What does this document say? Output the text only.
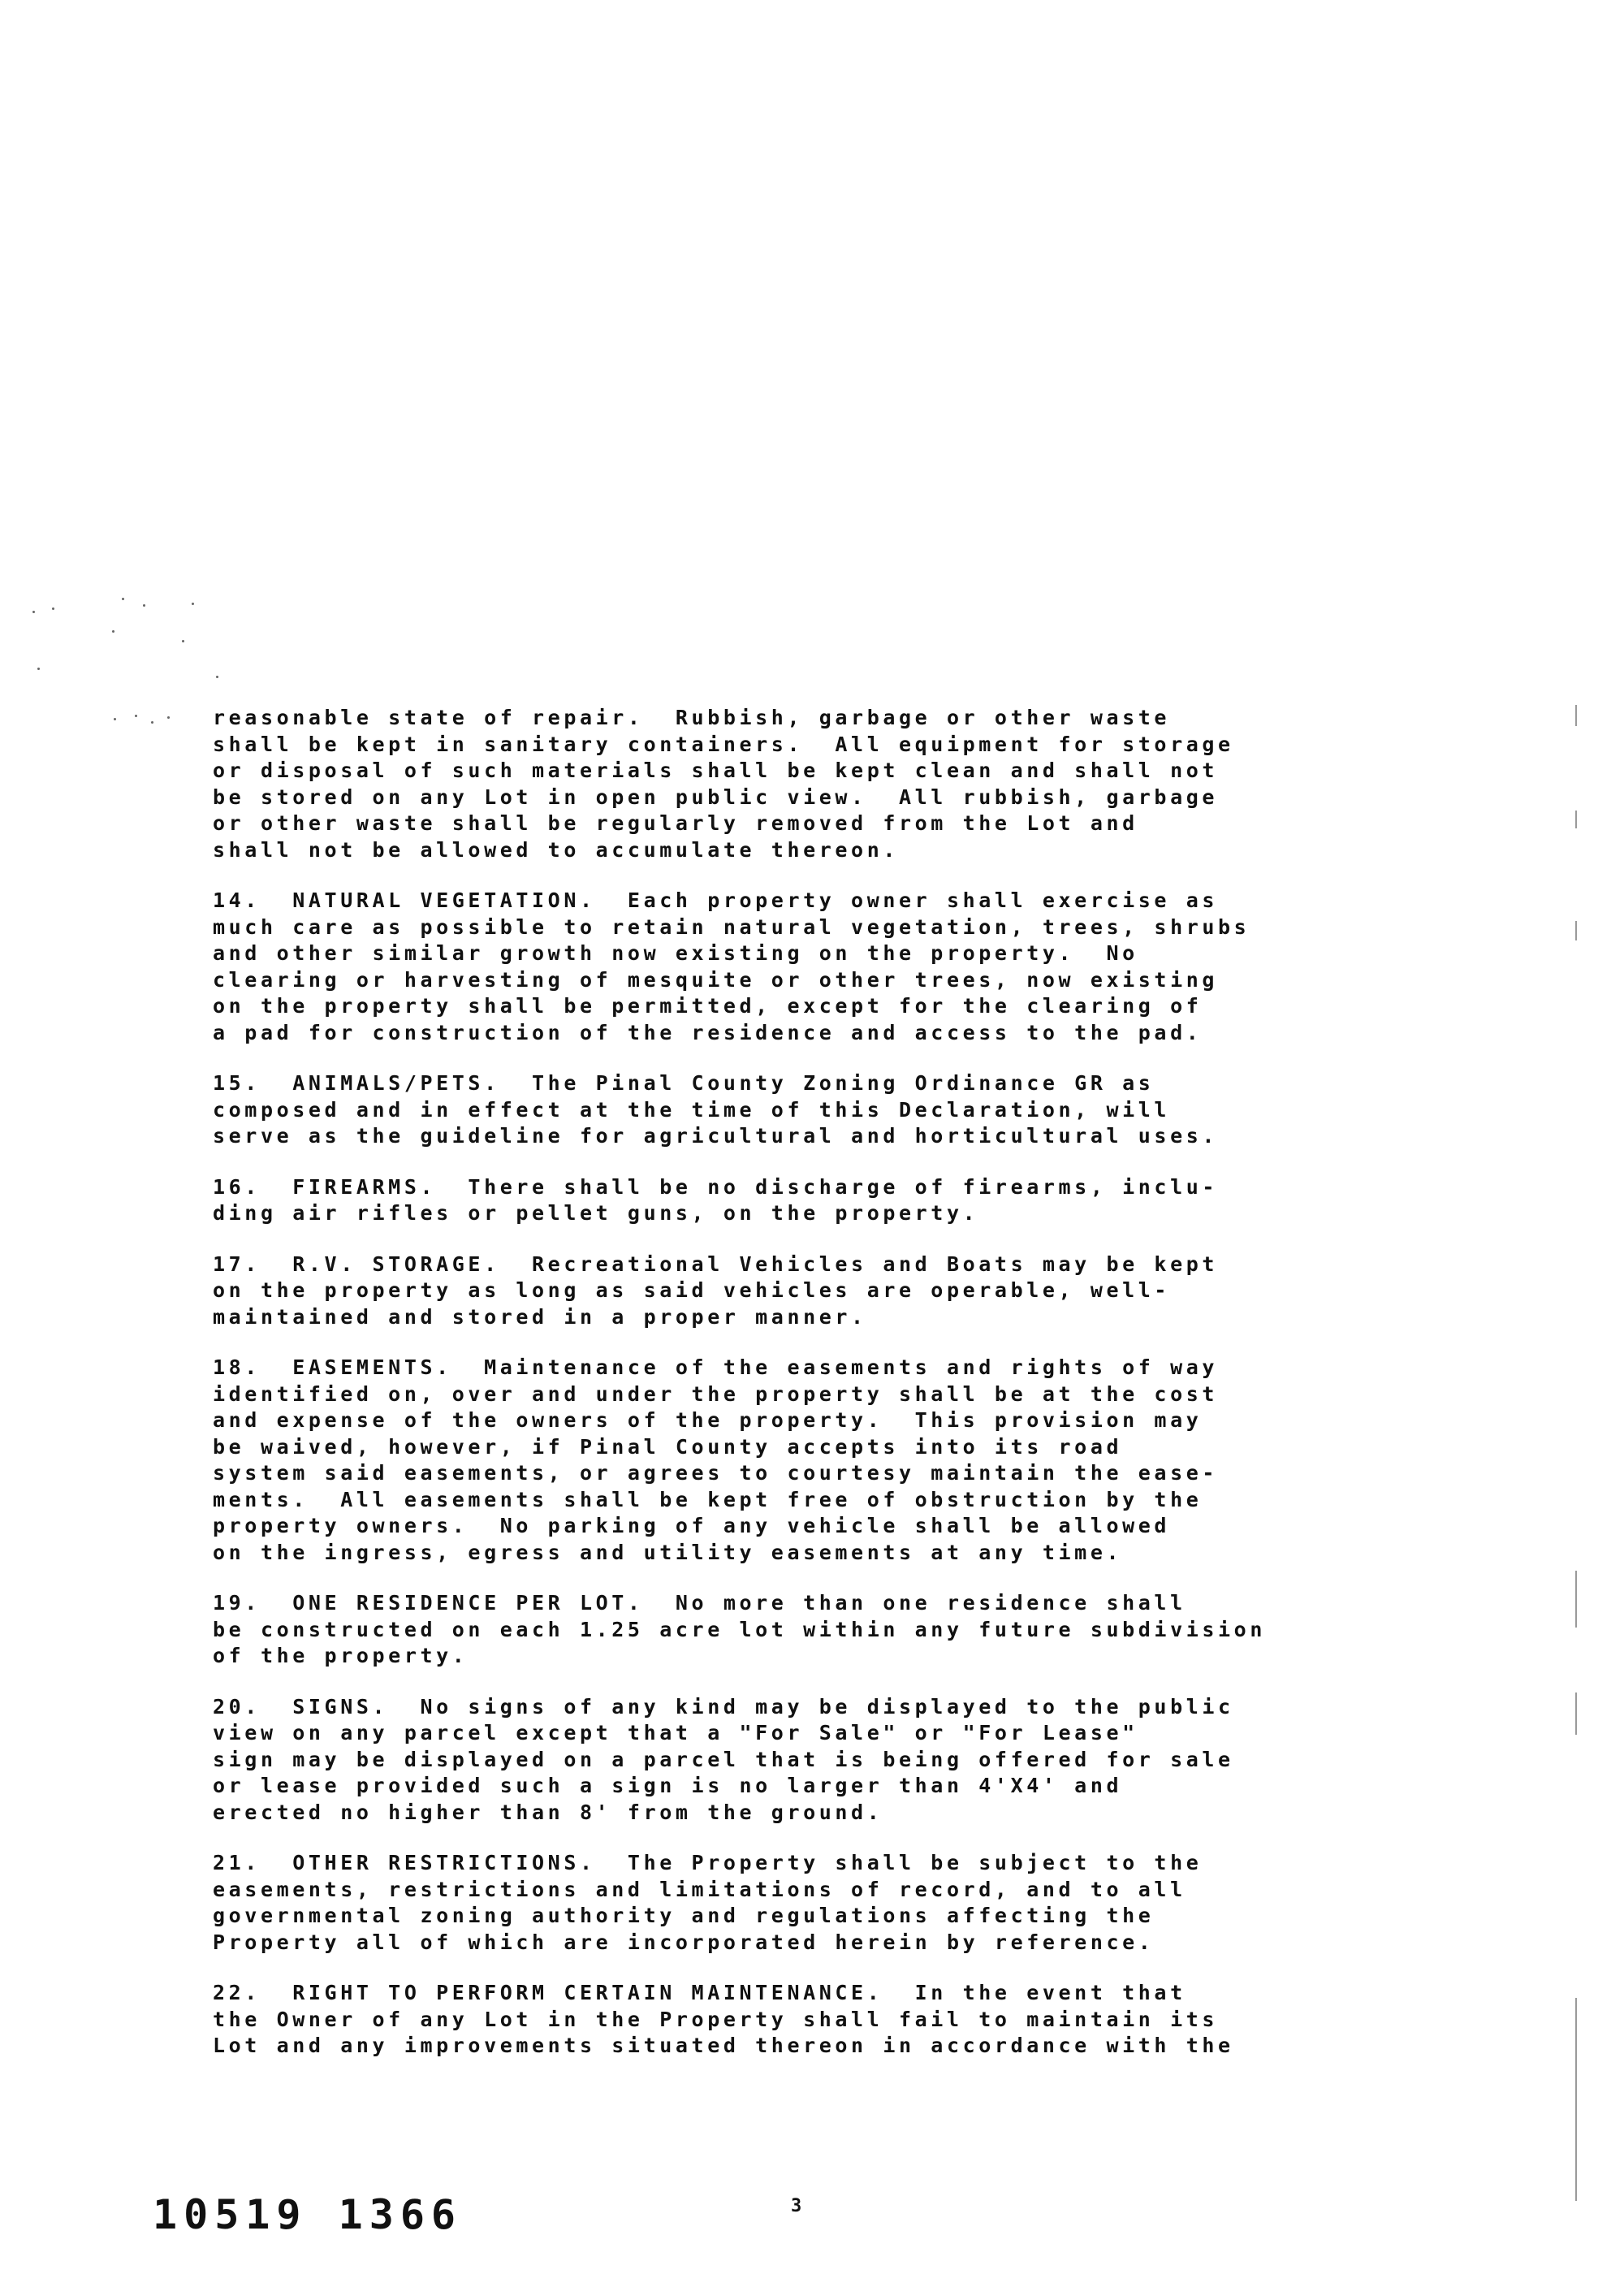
reasonable state of repair.  Rubbish, garbage or other waste
shall be kept in sanitary containers.  All equipment for storage
or disposal of such materials shall be kept clean and shall not
be stored on any Lot in open public view.  All rubbish, garbage
or other waste shall be regularly removed from the Lot and
shall not be allowed to accumulate thereon.
14.  NATURAL VEGETATION.  Each property owner shall exercise as
much care as possible to retain natural vegetation, trees, shrubs
and other similar growth now existing on the property.  No
clearing or harvesting of mesquite or other trees, now existing
on the property shall be permitted, except for the clearing of
a pad for construction of the residence and access to the pad.
15.  ANIMALS/PETS.  The Pinal County Zoning Ordinance GR as
composed and in effect at the time of this Declaration, will
serve as the guideline for agricultural and horticultural uses.
16.  FIREARMS.  There shall be no discharge of firearms, inclu-
ding air rifles or pellet guns, on the property.
17.  R.V. STORAGE.  Recreational Vehicles and Boats may be kept
on the property as long as said vehicles are operable, well-
maintained and stored in a proper manner.
18.  EASEMENTS.  Maintenance of the easements and rights of way
identified on, over and under the property shall be at the cost
and expense of the owners of the property.  This provision may
be waived, however, if Pinal County accepts into its road
system said easements, or agrees to courtesy maintain the ease-
ments.  All easements shall be kept free of obstruction by the
property owners.  No parking of any vehicle shall be allowed
on the ingress, egress and utility easements at any time.
19.  ONE RESIDENCE PER LOT.  No more than one residence shall
be constructed on each 1.25 acre lot within any future subdivision
of the property.
20.  SIGNS.  No signs of any kind may be displayed to the public
view on any parcel except that a "For Sale" or "For Lease"
sign may be displayed on a parcel that is being offered for sale
or lease provided such a sign is no larger than 4'X4' and
erected no higher than 8' from the ground.
21.  OTHER RESTRICTIONS.  The Property shall be subject to the
easements, restrictions and limitations of record, and to all
governmental zoning authority and regulations affecting the
Property all of which are incorporated herein by reference.
22.  RIGHT TO PERFORM CERTAIN MAINTENANCE.  In the event that
the Owner of any Lot in the Property shall fail to maintain its
Lot and any improvements situated thereon in accordance with the
10519 1366	3
